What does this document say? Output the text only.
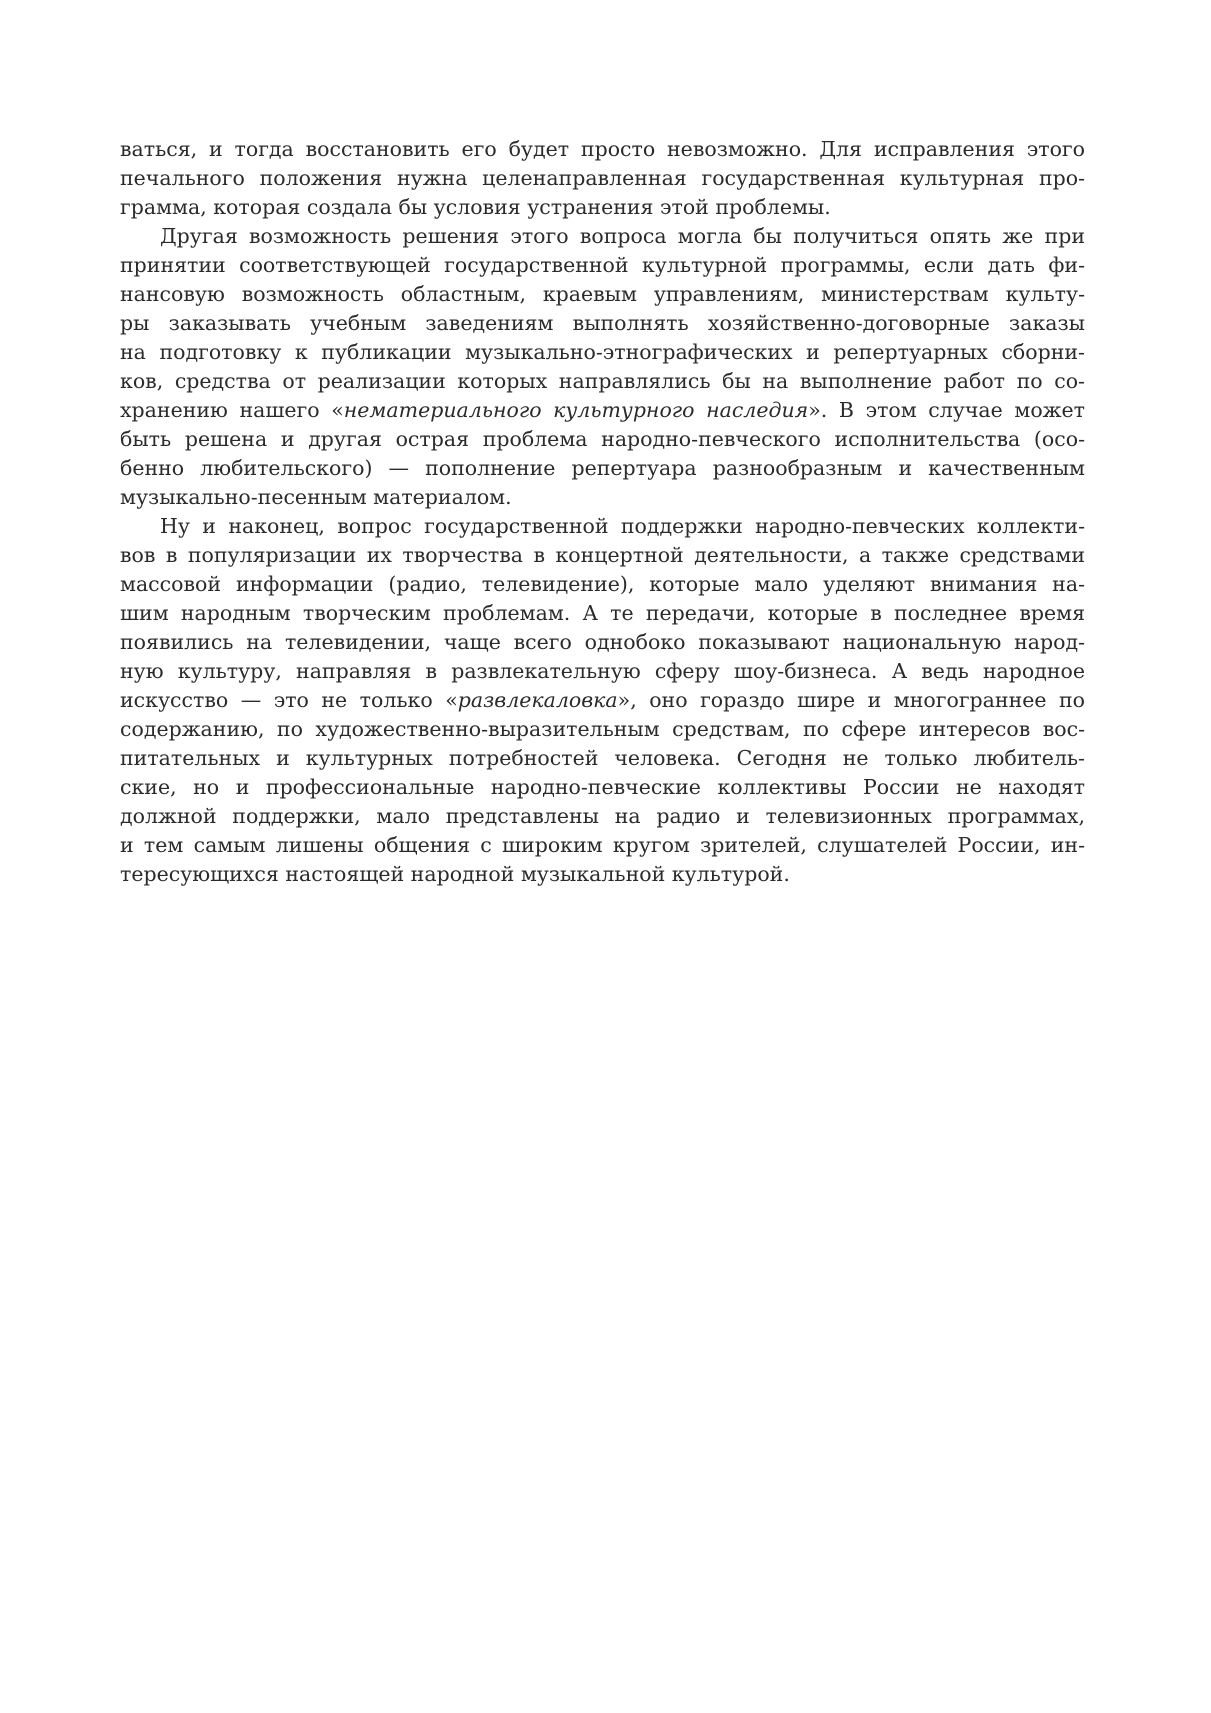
ваться, и тогда восстановить его будет просто невозможно. Для исправления этого
печального положения нужна целенаправленная государственная культурная про-
грамма, которая создала бы условия устранения этой проблемы.

Другая возможность решения этого вопроса могла бы получиться опять же при
принятии соответствующей государственной культурной программы, если дать фи-
нансовую возможность областным, краевым управлениям, министерствам культу-
ры заказывать учебным заведениям выполнять хозяйственно-договорные заказы
на подготовку к публикации музыкально-этнографических и репертуарных сборни-
ков, средства от реализации которых направлялись бы на выполнение работ по со-
хранению нашего «нематериального культурного наследия». В этом случае может
быть решена и другая острая проблема народно-певческого исполнительства (осо-
бенно любительского) — пополнение репертуара разнообразным и качественным
музыкально-песенным материалом.

Ну и наконец, вопрос государственной поддержки народно-певческих коллекти-
вов в популяризации их творчества в концертной деятельности, а также средствами
массовой информации (радио, телевидение), которые мало уделяют внимания на-
шим народным творческим проблемам. А те передачи, которые в последнее время
появились на телевидении, чаще всего однобоко показывают национальную народ-
ную культуру, направляя в развлекательную сферу шоу-бизнеса. А ведь народное
искусство — это не только «развлекаловка», оно гораздо шире и многограннее по
содержанию, по художественно-выразительным средствам, по сфере интересов вос-
питательных и культурных потребностей человека. Сегодня не только любитель-
ские, но и профессиональные народно-певческие коллективы России не находят
должной поддержки, мало представлены на радио и телевизионных программах,
и тем самым лишены общения с широким кругом зрителей, слушателей России, ин-
тересующихся настоящей народной музыкальной культурой.
